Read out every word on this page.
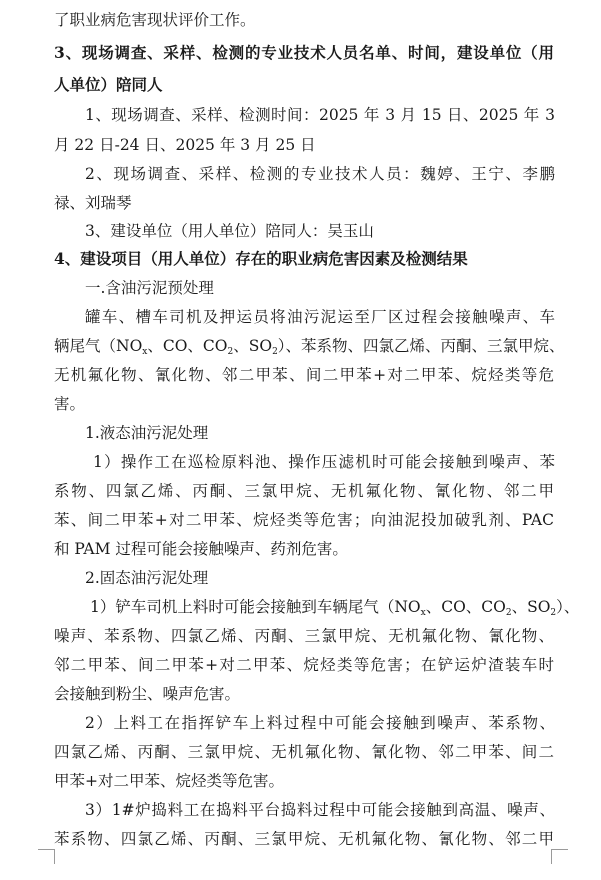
了职业病危害现状评价工作。
3、现场调查、采样、检测的专业技术人员名单、时间，建设单位（用
人单位）陪同人
1、现场调查、采样、检测时间：2025 年 3 月 15 日、2025 年 3
月 22 日-24 日、2025 年 3 月 25 日
2、现场调查、采样、检测的专业技术人员：魏婷、王宁、李鹏
禄、刘瑞琴
3、建设单位（用人单位）陪同人：吴玉山
4、建设项目（用人单位）存在的职业病危害因素及检测结果
一.含油污泥预处理
罐车、槽车司机及押运员将油污泥运至厂区过程会接触噪声、车
辆尾气（$NO_x$、CO、$CO_2$、$SO_2$）、苯系物、四氯乙烯、丙酮、三氯甲烷、
无机氟化物、氰化物、邻二甲苯、间二甲苯+对二甲苯、烷烃类等危
害。
1.液态油污泥处理
1）操作工在巡检原料池、操作压滤机时可能会接触到噪声、苯
系物、四氯乙烯、丙酮、三氯甲烷、无机氟化物、氰化物、邻二甲
苯、间二甲苯+对二甲苯、烷烃类等危害；向油泥投加破乳剂、PAC
和 PAM 过程可能会接触噪声、药剂危害。
2.固态油污泥处理
1）铲车司机上料时可能会接触到车辆尾气（$NO_x$、CO、$CO_2$、$SO_2$）、
噪声、苯系物、四氯乙烯、丙酮、三氯甲烷、无机氟化物、氰化物、
邻二甲苯、间二甲苯+对二甲苯、烷烃类等危害；在铲运炉渣装车时
会接触到粉尘、噪声危害。
2）上料工在指挥铲车上料过程中可能会接触到噪声、苯系物、
四氯乙烯、丙酮、三氯甲烷、无机氟化物、氰化物、邻二甲苯、间二
甲苯+对二甲苯、烷烃类等危害。
3）1#炉捣料工在捣料平台捣料过程中可能会接触到高温、噪声、
苯系物、四氯乙烯、丙酮、三氯甲烷、无机氟化物、氰化物、邻二甲
